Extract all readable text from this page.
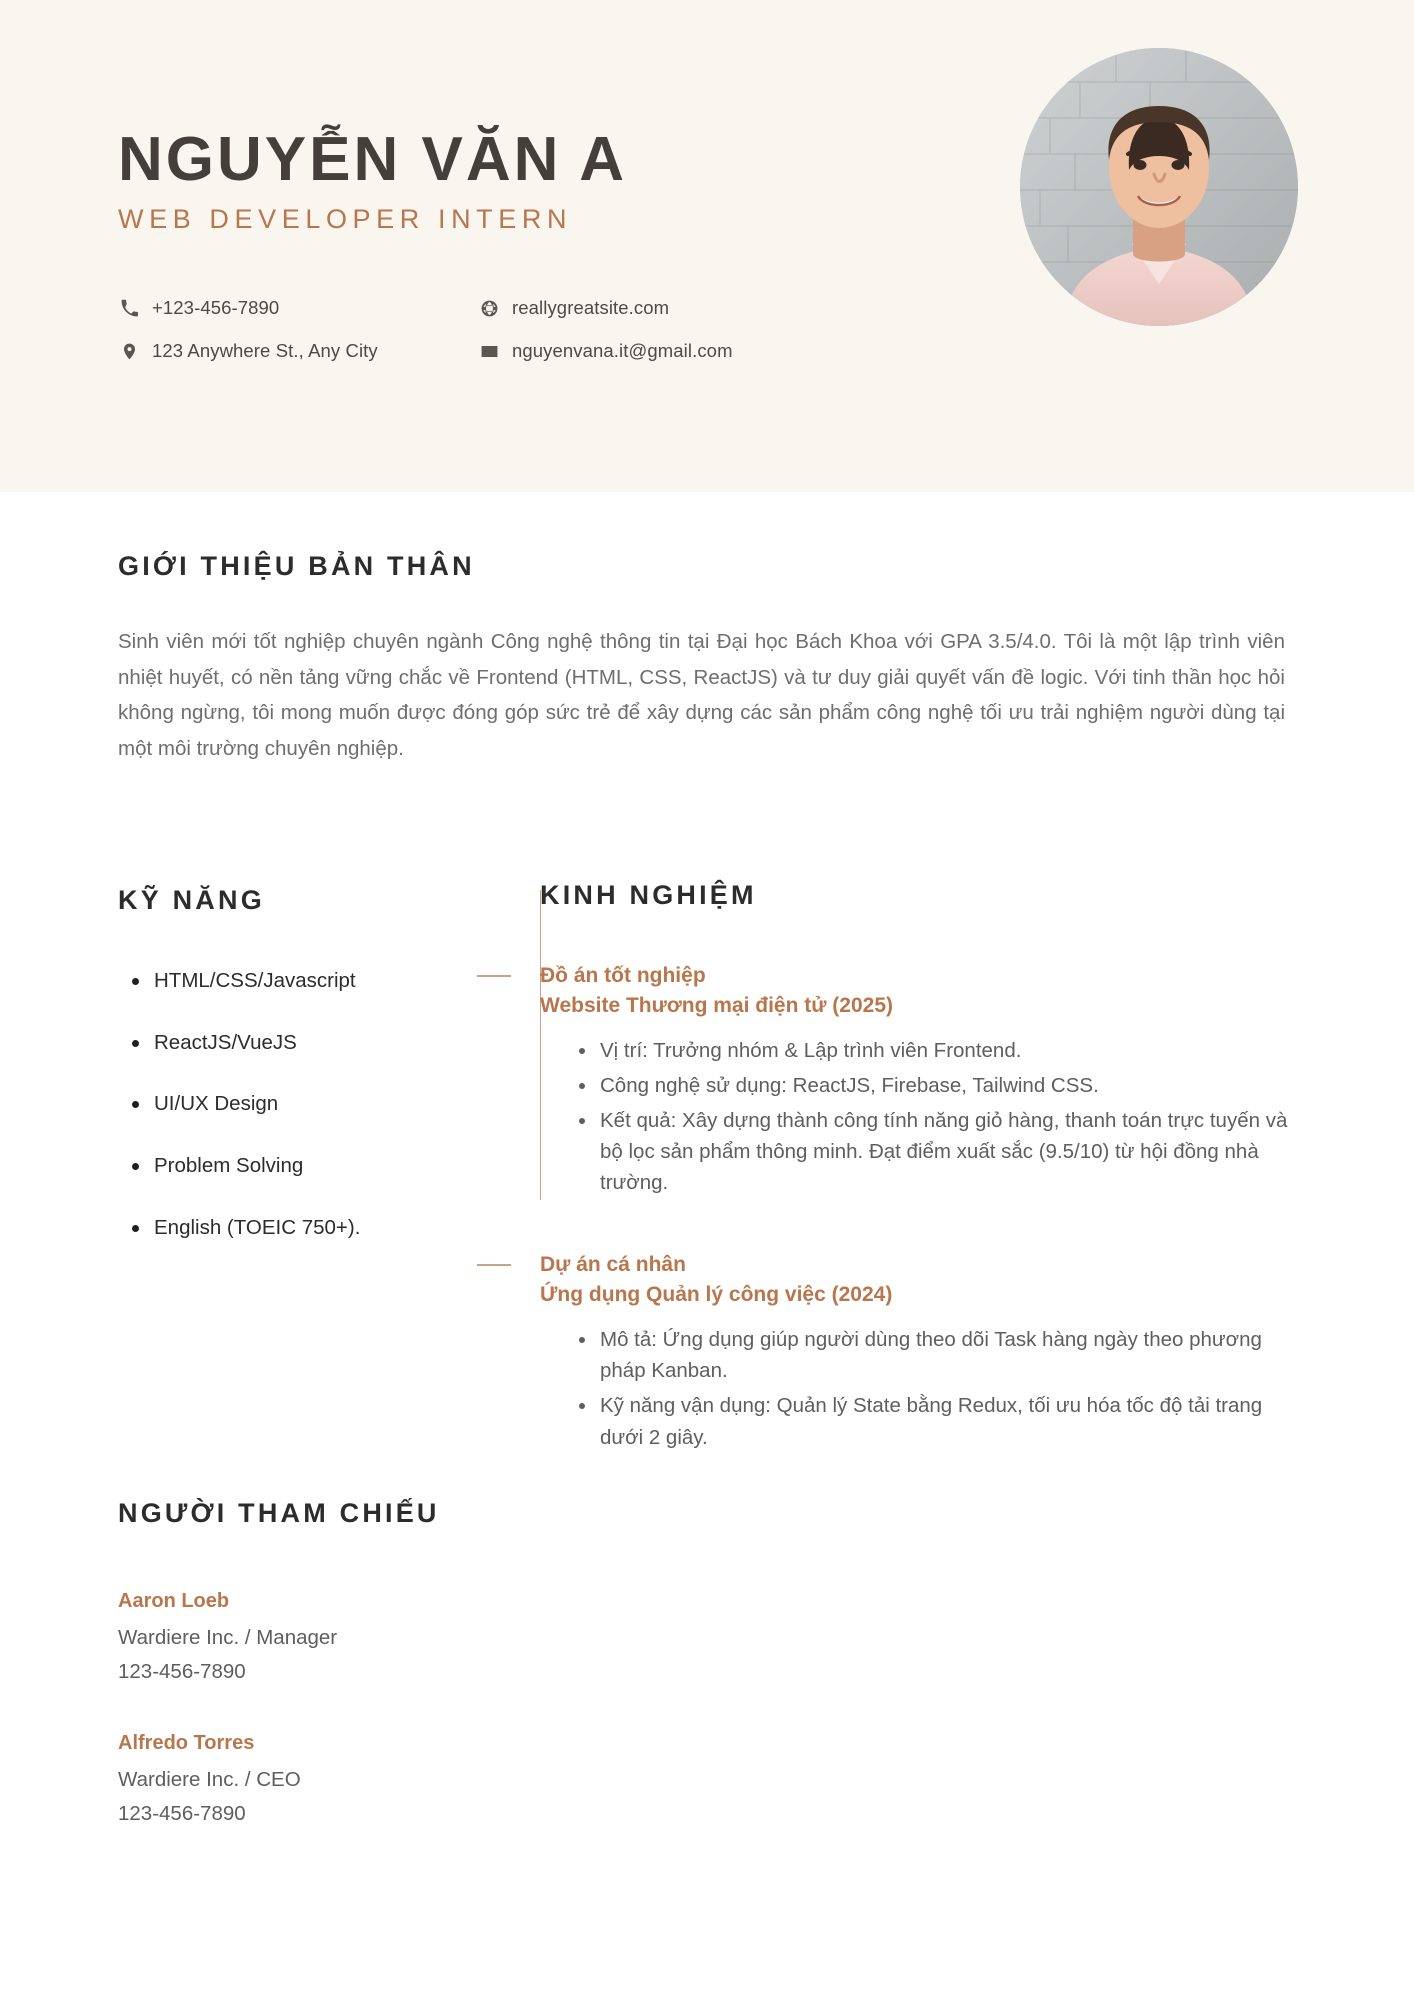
NGUYỄN VĂN A
WEB DEVELOPER INTERN
+123-456-7890	reallygreatsite.com
123 Anywhere St., Any City	nguyenvana.it@gmail.com
GIỚI THIỆU BẢN THÂN
Sinh viên mới tốt nghiệp chuyên ngành Công nghệ thông tin tại Đại học Bách Khoa với GPA 3.5/4.0. Tôi là một lập trình viên nhiệt huyết, có nền tảng vững chắc về Frontend (HTML, CSS, ReactJS) và tư duy giải quyết vấn đề logic. Với tinh thần học hỏi không ngừng, tôi mong muốn được đóng góp sức trẻ để xây dựng các sản phẩm công nghệ tối ưu trải nghiệm người dùng tại một môi trường chuyên nghiệp.
KỸ NĂNG
HTML/CSS/Javascript
ReactJS/VueJS
UI/UX Design
Problem Solving
English (TOEIC 750+).
KINH NGHIỆM
Đồ án tốt nghiệp
Website Thương mại điện tử (2025)
Vị trí: Trưởng nhóm & Lập trình viên Frontend.
Công nghệ sử dụng: ReactJS, Firebase, Tailwind CSS.
Kết quả: Xây dựng thành công tính năng giỏ hàng, thanh toán trực tuyến và bộ lọc sản phẩm thông minh. Đạt điểm xuất sắc (9.5/10) từ hội đồng nhà trường.
Dự án cá nhân
Ứng dụng Quản lý công việc (2024)
Mô tả: Ứng dụng giúp người dùng theo dõi Task hàng ngày theo phương pháp Kanban.
Kỹ năng vận dụng: Quản lý State bằng Redux, tối ưu hóa tốc độ tải trang dưới 2 giây.
NGƯỜI THAM CHIẾU
Aaron Loeb
Wardiere Inc. / Manager
123-456-7890
Alfredo Torres
Wardiere Inc. / CEO
123-456-7890
